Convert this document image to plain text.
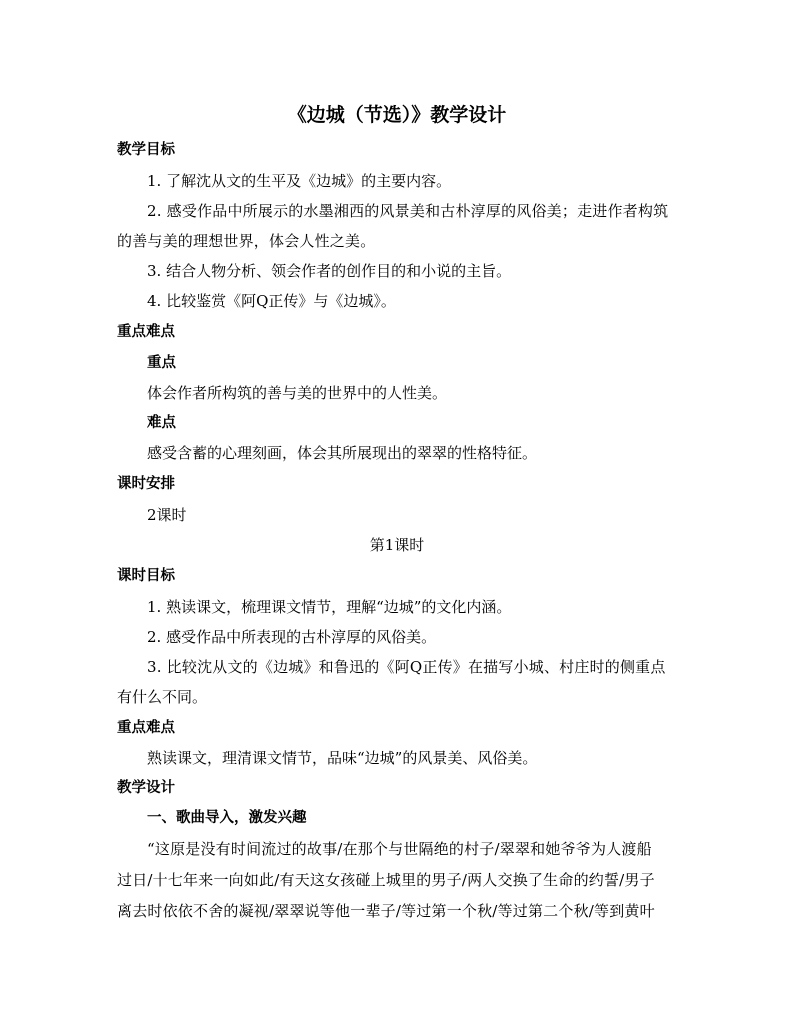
《边城（节选）》教学设计
教学目标
1. 了解沈从文的生平及《边城》的主要内容。
2. 感受作品中所展示的水墨湘西的风景美和古朴淳厚的风俗美；走进作者构筑
的善与美的理想世界，体会人性之美。
3. 结合人物分析、领会作者的创作目的和小说的主旨。
4. 比较鉴赏《阿Q正传》与《边城》。
重点难点
重点
体会作者所构筑的善与美的世界中的人性美。
难点
感受含蓄的心理刻画，体会其所展现出的翠翠的性格特征。
课时安排
2课时
第1课时
课时目标
1. 熟读课文，梳理课文情节，理解“边城”的文化内涵。
2. 感受作品中所表现的古朴淳厚的风俗美。
3. 比较沈从文的《边城》和鲁迅的《阿Q正传》在描写小城、村庄时的侧重点
有什么不同。
重点难点
熟读课文，理清课文情节，品味“边城”的风景美、风俗美。
教学设计
一、歌曲导入，激发兴趣
“这原是没有时间流过的故事/在那个与世隔绝的村子/翠翠和她爷爷为人渡船
过日/十七年来一向如此/有天这女孩碰上城里的男子/两人交换了生命的约誓/男子
离去时依依不舍的凝视/翠翠说等他一辈子/等过第一个秋/等过第二个秋/等到黄叶
